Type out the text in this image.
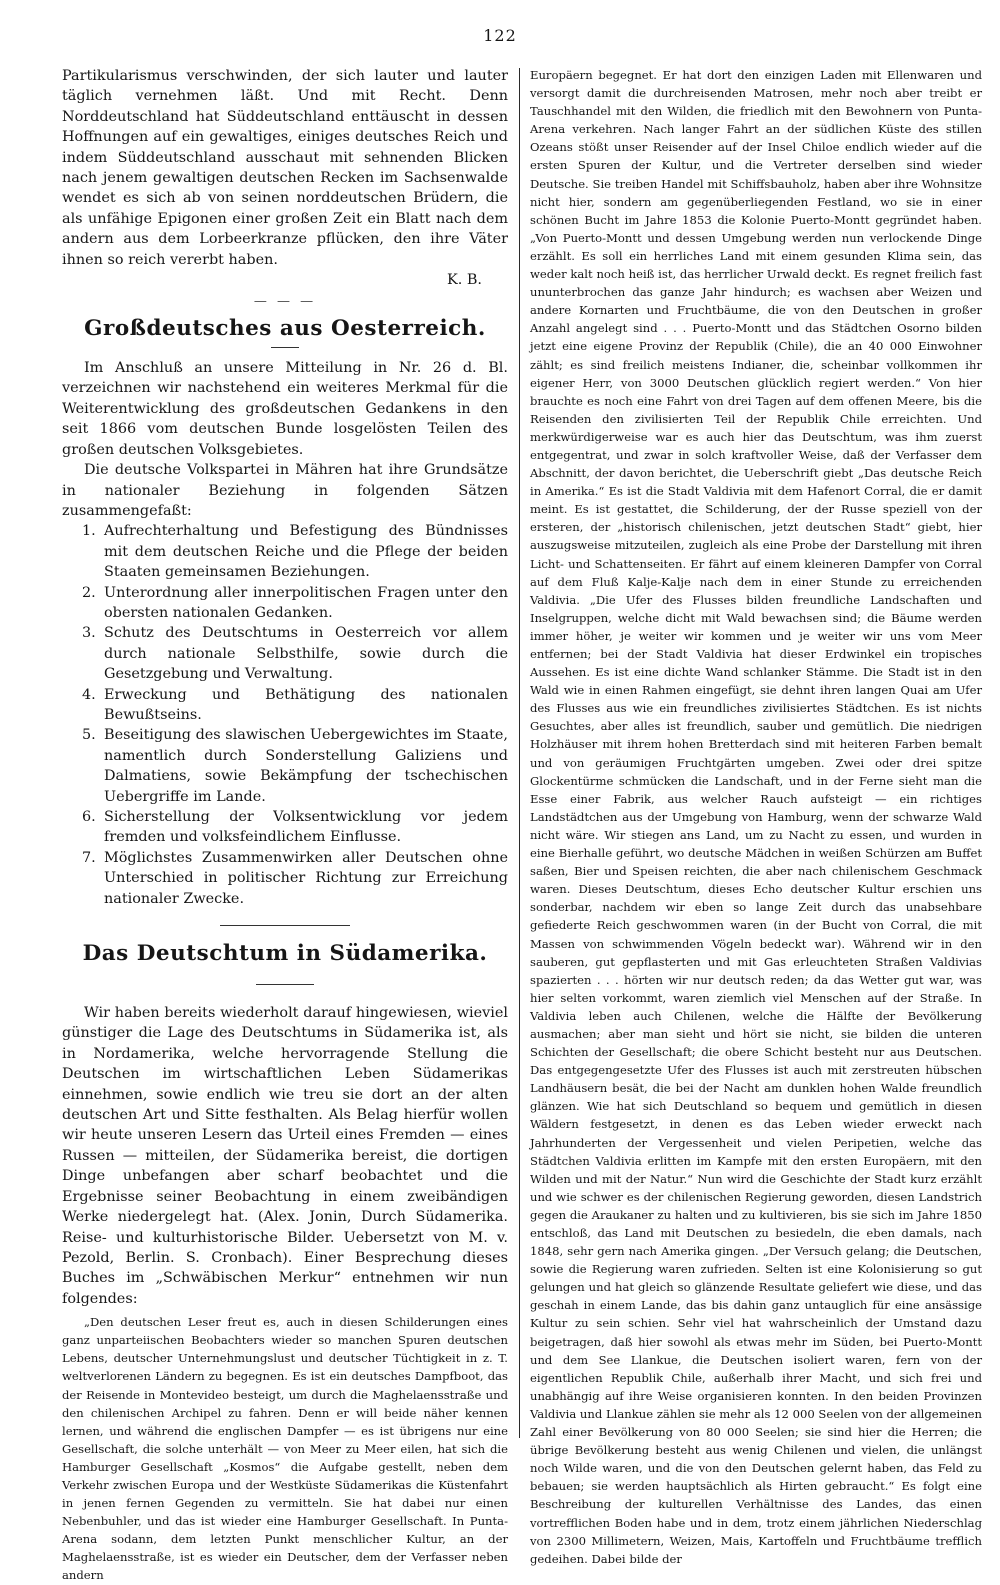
122

Partikularismus verschwinden, der sich lauter und lauter täglich vernehmen läßt. Und mit Recht. Denn Norddeutschland hat Süddeutschland enttäuscht in dessen Hoffnungen auf ein gewaltiges, einiges deutsches Reich und indem Süddeutschland ausschaut mit sehnenden Blicken nach jenem gewaltigen deutschen Recken im Sachsenwalde wendet es sich ab von seinen norddeutschen Brüdern, die als unfähige Epigonen einer großen Zeit ein Blatt nach dem andern aus dem Lorbeerkranze pflücken, den ihre Väter ihnen so reich vererbt haben.

K. B.
— — —
Großdeutsches aus Oesterreich.

Im Anschluß an unsere Mitteilung in Nr. 26 d. Bl. verzeichnen wir nachstehend ein weiteres Merkmal für die Weiterentwicklung des großdeutschen Gedankens in den seit 1866 vom deutschen Bunde losgelösten Teilen des großen deutschen Volksgebietes.

Die deutsche Volkspartei in Mähren hat ihre Grundsätze in nationaler Beziehung in folgenden Sätzen zusammengefaßt:

1. Aufrechterhaltung und Befestigung des Bündnisses mit dem deutschen Reiche und die Pflege der beiden Staaten gemeinsamen Beziehungen.
2. Unterordnung aller innerpolitischen Fragen unter den obersten nationalen Gedanken.
3. Schutz des Deutschtums in Oesterreich vor allem durch nationale Selbsthilfe, sowie durch die Gesetzgebung und Verwaltung.
4. Erweckung und Bethätigung des nationalen Bewußtseins.
5. Beseitigung des slawischen Uebergewichtes im Staate, namentlich durch Sonderstellung Galiziens und Dalmatiens, sowie Bekämpfung der tschechischen Uebergriffe im Lande.
6. Sicherstellung der Volksentwicklung vor jedem fremden und volksfeindlichem Einflusse.
7. Möglichstes Zusammenwirken aller Deutschen ohne Unterschied in politischer Richtung zur Erreichung nationaler Zwecke.
Das Deutschtum in Südamerika.

Wir haben bereits wiederholt darauf hingewiesen, wieviel günstiger die Lage des Deutschtums in Südamerika ist, als in Nordamerika, welche hervorragende Stellung die Deutschen im wirtschaftlichen Leben Südamerikas einnehmen, sowie endlich wie treu sie dort an der alten deutschen Art und Sitte festhalten. Als Belag hierfür wollen wir heute unseren Lesern das Urteil eines Fremden — eines Russen — mitteilen, der Südamerika bereist, die dortigen Dinge unbefangen aber scharf beobachtet und die Ergebnisse seiner Beobachtung in einem zweibändigen Werke niedergelegt hat. (Alex. Jonin, Durch Südamerika. Reise- und kulturhistorische Bilder. Uebersetzt von M. v. Pezold, Berlin. S. Cronbach). Einer Besprechung dieses Buches im „Schwäbischen Merkur“ entnehmen wir nun folgendes:

„Den deutschen Leser freut es, auch in diesen Schilderungen eines ganz unparteiischen Beobachters wieder so manchen Spuren deutschen Lebens, deutscher Unternehmungslust und deutscher Tüchtigkeit in z. T. weltverlorenen Ländern zu begegnen. Es ist ein deutsches Dampfboot, das der Reisende in Montevideo besteigt, um durch die Maghelaensstraße und den chilenischen Archipel zu fahren. Denn er will beide näher kennen lernen, und während die englischen Dampfer — es ist übrigens nur eine Gesellschaft, die solche unterhält — von Meer zu Meer eilen, hat sich die Hamburger Gesellschaft „Kosmos“ die Aufgabe gestellt, neben dem Verkehr zwischen Europa und der Westküste Südamerikas die Küstenfahrt in jenen fernen Gegenden zu vermitteln. Sie hat dabei nur einen Nebenbuhler, und das ist wieder eine Hamburger Gesellschaft. In Punta-Arena sodann, dem letzten Punkt menschlicher Kultur, an der Maghelaensstraße, ist es wieder ein Deutscher, dem der Verfasser neben andern

Europäern begegnet. Er hat dort den einzigen Laden mit Ellenwaren und versorgt damit die durchreisenden Matrosen, mehr noch aber treibt er Tauschhandel mit den Wilden, die friedlich mit den Bewohnern von Punta-Arena verkehren. Nach langer Fahrt an der südlichen Küste des stillen Ozeans stößt unser Reisender auf der Insel Chiloe endlich wieder auf die ersten Spuren der Kultur, und die Vertreter derselben sind wieder Deutsche. Sie treiben Handel mit Schiffsbauholz, haben aber ihre Wohnsitze nicht hier, sondern am gegenüberliegenden Festland, wo sie in einer schönen Bucht im Jahre 1853 die Kolonie Puerto-Montt gegründet haben. „Von Puerto-Montt und dessen Umgebung werden nun verlockende Dinge erzählt. Es soll ein herrliches Land mit einem gesunden Klima sein, das weder kalt noch heiß ist, das herrlicher Urwald deckt. Es regnet freilich fast ununterbrochen das ganze Jahr hindurch; es wachsen aber Weizen und andere Kornarten und Fruchtbäume, die von den Deutschen in großer Anzahl angelegt sind . . . Puerto-Montt und das Städtchen Osorno bilden jetzt eine eigene Provinz der Republik (Chile), die an 40 000 Einwohner zählt; es sind freilich meistens Indianer, die, scheinbar vollkommen ihr eigener Herr, von 3000 Deutschen glücklich regiert werden.“ Von hier brauchte es noch eine Fahrt von drei Tagen auf dem offenen Meere, bis die Reisenden den zivilisierten Teil der Republik Chile erreichten. Und merkwürdigerweise war es auch hier das Deutschtum, was ihm zuerst entgegentrat, und zwar in solch kraftvoller Weise, daß der Verfasser dem Abschnitt, der davon berichtet, die Ueberschrift giebt „Das deutsche Reich in Amerika.“ Es ist die Stadt Valdivia mit dem Hafenort Corral, die er damit meint. Es ist gestattet, die Schilderung, der der Russe speziell von der ersteren, der „historisch chilenischen, jetzt deutschen Stadt“ giebt, hier auszugsweise mitzuteilen, zugleich als eine Probe der Darstellung mit ihren Licht- und Schattenseiten. Er fährt auf einem kleineren Dampfer von Corral auf dem Fluß Kalje-Kalje nach dem in einer Stunde zu erreichenden Valdivia. „Die Ufer des Flusses bilden freundliche Landschaften und Inselgruppen, welche dicht mit Wald bewachsen sind; die Bäume werden immer höher, je weiter wir kommen und je weiter wir uns vom Meer entfernen; bei der Stadt Valdivia hat dieser Erdwinkel ein tropisches Aussehen. Es ist eine dichte Wand schlanker Stämme. Die Stadt ist in den Wald wie in einen Rahmen eingefügt, sie dehnt ihren langen Quai am Ufer des Flusses aus wie ein freundliches zivilisiertes Städtchen. Es ist nichts Gesuchtes, aber alles ist freundlich, sauber und gemütlich. Die niedrigen Holzhäuser mit ihrem hohen Bretterdach sind mit heiteren Farben bemalt und von geräumigen Fruchtgärten umgeben. Zwei oder drei spitze Glockentürme schmücken die Landschaft, und in der Ferne sieht man die Esse einer Fabrik, aus welcher Rauch aufsteigt — ein richtiges Landstädtchen aus der Umgebung von Hamburg, wenn der schwarze Wald nicht wäre. Wir stiegen ans Land, um zu Nacht zu essen, und wurden in eine Bierhalle geführt, wo deutsche Mädchen in weißen Schürzen am Buffet saßen, Bier und Speisen reichten, die aber nach chilenischem Geschmack waren. Dieses Deutschtum, dieses Echo deutscher Kultur erschien uns sonderbar, nachdem wir eben so lange Zeit durch das unabsehbare gefiederte Reich geschwommen waren (in der Bucht von Corral, die mit Massen von schwimmenden Vögeln bedeckt war). Während wir in den sauberen, gut gepflasterten und mit Gas erleuchteten Straßen Valdivias spazierten . . . hörten wir nur deutsch reden; da das Wetter gut war, was hier selten vorkommt, waren ziemlich viel Menschen auf der Straße. In Valdivia leben auch Chilenen, welche die Hälfte der Bevölkerung ausmachen; aber man sieht und hört sie nicht, sie bilden die unteren Schichten der Gesellschaft; die obere Schicht besteht nur aus Deutschen. Das entgegengesetzte Ufer des Flusses ist auch mit zerstreuten hübschen Landhäusern besät, die bei der Nacht am dunklen hohen Walde freundlich glänzen. Wie hat sich Deutschland so bequem und gemütlich in diesen Wäldern festgesetzt, in denen es das Leben wieder erweckt nach Jahrhunderten der Vergessenheit und vielen Peripetien, welche das Städtchen Valdivia erlitten im Kampfe mit den ersten Europäern, mit den Wilden und mit der Natur.“ Nun wird die Geschichte der Stadt kurz erzählt und wie schwer es der chilenischen Regierung geworden, diesen Landstrich gegen die Araukaner zu halten und zu kultivieren, bis sie sich im Jahre 1850 entschloß, das Land mit Deutschen zu besiedeln, die eben damals, nach 1848, sehr gern nach Amerika gingen. „Der Versuch gelang; die Deutschen, sowie die Regierung waren zufrieden. Selten ist eine Kolonisierung so gut gelungen und hat gleich so glänzende Resultate geliefert wie diese, und das geschah in einem Lande, das bis dahin ganz untauglich für eine ansässige Kultur zu sein schien. Sehr viel hat wahrscheinlich der Umstand dazu beigetragen, daß hier sowohl als etwas mehr im Süden, bei Puerto-Montt und dem See Llankue, die Deutschen isoliert waren, fern von der eigentlichen Republik Chile, außerhalb ihrer Macht, und sich frei und unabhängig auf ihre Weise organisieren konnten. In den beiden Provinzen Valdivia und Llankue zählen sie mehr als 12 000 Seelen von der allgemeinen Zahl einer Bevölkerung von 80 000 Seelen; sie sind hier die Herren; die übrige Bevölkerung besteht aus wenig Chilenen und vielen, die unlängst noch Wilde waren, und die von den Deutschen gelernt haben, das Feld zu bebauen; sie werden hauptsächlich als Hirten gebraucht.“ Es folgt eine Beschreibung der kulturellen Verhältnisse des Landes, das einen vortrefflichen Boden habe und in dem, trotz einem jährlichen Niederschlag von 2300 Millimetern, Weizen, Mais, Kartoffeln und Fruchtbäume trefflich gedeihen. Dabei bilde der
